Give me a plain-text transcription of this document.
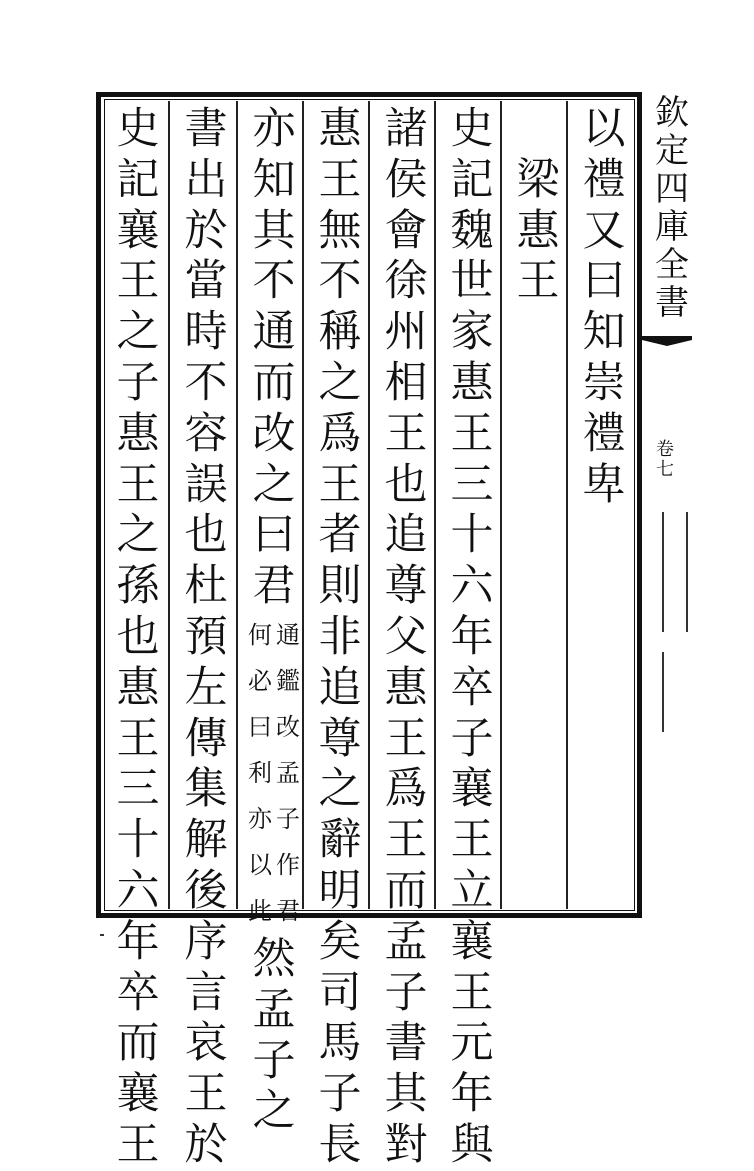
以
禮
又
曰
知
崇
禮
卑
梁
惠
王
史
記
魏
世
家
惠
王
三
十
六
年
卒
子
襄
王
立
襄
王
元
年
與
諸
侯
會
徐
州
相
王
也
追
尊
父
惠
王
爲
王
而
孟
子
書
其
對
惠
王
無
不
稱
之
爲
王
者
則
非
追
尊
之
辭
明
矣
司
馬
子
長
亦
知
其
不
通
而
改
之
曰
君
通
鑑
改
孟
子
作
君
何
必
曰
利
亦
以
此
然
孟
子
之
書
出
於
當
時
不
容
誤
也
杜
預
左
傳
集
解
後
序
言
哀
王
於
史
記
襄
王
之
子
惠
王
之
孫
也
惠
王
三
十
六
年
卒
而
襄
王
欽
定
四
庫
全
書
卷
七
